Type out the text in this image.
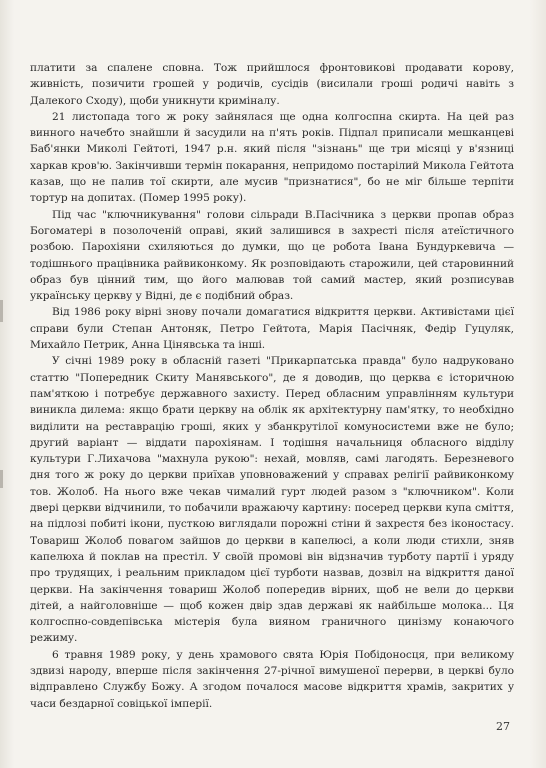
платити за спалене сповна. Тож прийшлося фронтовикові продавати корову, живність, позичити грошей у родичів, сусідів (висилали гроші родичі навіть з Далекого Сходу), щоби уникнути криміналу.

21 листопада того ж року зайнялася ще одна колгоспна скирта. На цей раз винного начебто знайшли й засудили на п'ять років. Підпал приписали мешканцеві Баб'янки Миколі Гейтоті, 1947 р.н. який після "зізнань" ще три місяці у в'язниці харкав кров'ю. Закінчивши термін покарання, непридомо постарілий Микола Гейтота казав, що не палив тої скирти, але мусив "признатися", бо не міг більше терпіти тортур на допитах. (Помер 1995 року).

Під час "ключникування" голови сільради В.Пасічника з церкви пропав образ Богоматері в позолоченій оправі, який залишився в захресті після атеїстичного розбою. Парохіяни схиляються до думки, що це робота Івана Бундуркевича — тодішнього працівника райвиконкому. Як розповідають старожили, цей старовинний образ був цінний тим, що його малював той самий мастер, який розписував українську церкву у Відні, де є подібний образ.

Від 1986 року вірні знову почали домагатися відкриття церкви. Активістами цієї справи були Степан Антоняк, Петро Гейтота, Марія Пасічняк, Федір Гуцуляк, Михайло Петрик, Анна Цінявська та інші.

У січні 1989 року в обласній газеті "Прикарпатська правда" було надруковано статтю "Попередник Скиту Манявського", де я доводив, що церква є історичною пам'яткою і потребує державного захисту. Перед обласним управлінням культури виникла дилема: якщо брати церкву на облік як архітектурну пам'ятку, то необхідно виділити на реставрацію гроші, яких у збанкрутілої комуносистеми вже не було; другий варіант — віддати парохіянам. І тодішня начальниця обласного відділу культури Г.Лихачова "махнула рукою": нехай, мовляв, самі лагодять. Березневого дня того ж року до церкви приїхав уповноважений у справах релігії райвиконкому тов. Жолоб. На нього вже чекав чималий гурт людей разом з "ключником". Коли двері церкви відчинили, то побачили вражаючу картину: посеред церкви купа сміття, на підлозі побиті ікони, пусткою виглядали порожні стіни й захрестя без іконостасу. Товариш Жолоб повагом зайшов до церкви в капелюсі, а коли люди стихли, зняв капелюха й поклав на престіл. У своїй промові він відзначив турботу партії і уряду про трудящих, і реальним прикладом цієї турботи назвав, дозвіл на відкриття даної церкви. На закінчення товариш Жолоб попередив вірних, щоб не вели до церкви дітей, а найголовніше — щоб кожен двір здав державі як найбільше молока... Ця колгоспно-совдепівська містерія була вияном граничного цинізму конаючого режиму.

6 травня 1989 року, у день храмового свята Юрія Побідоносця, при великому здвизі народу, вперше після закінчення 27-річної вимушеної перерви, в церкві було відправлено Службу Божу. А згодом почалося масове відкриття храмів, закритих у часи бездарної совіцької імперії.

27
